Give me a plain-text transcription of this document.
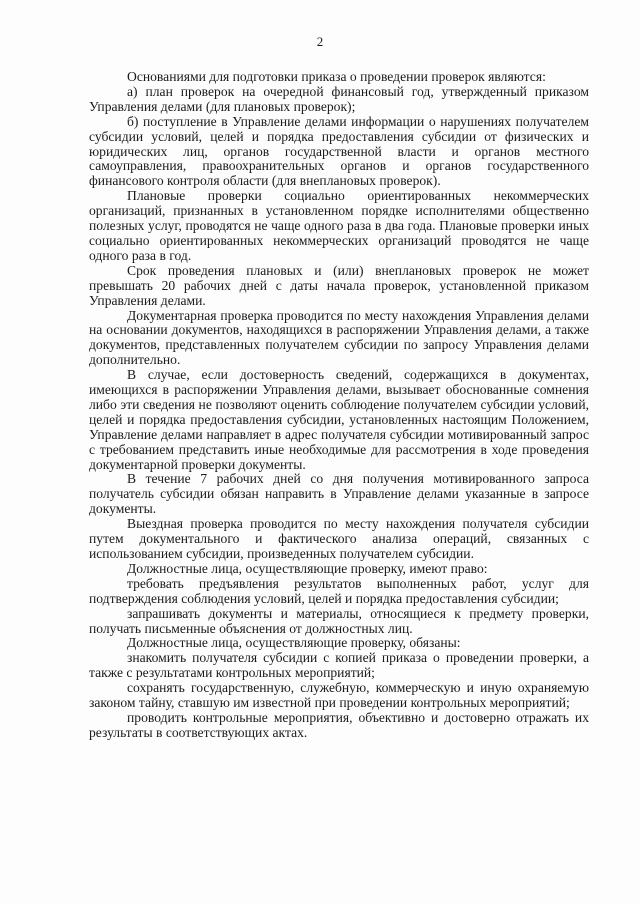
2

Основаниями для подготовки приказа о проведении проверок являются:

а) план проверок на очередной финансовый год, утвержденный приказом Управления делами (для плановых проверок);

б) поступление в Управление делами информации о нарушениях получателем субсидии условий, целей и порядка предоставления субсидии от физических и юридических лиц, органов государственной власти и органов местного самоуправления, правоохранительных органов и органов государственного финансового контроля области (для внеплановых проверок).

Плановые проверки социально ориентированных некоммерческих организаций, признанных в установленном порядке исполнителями общественно полезных услуг, проводятся не чаще одного раза в два года. Плановые проверки иных социально ориентированных некоммерческих организаций проводятся не чаще одного раза в год.

Срок проведения плановых и (или) внеплановых проверок не может превышать 20 рабочих дней с даты начала проверок, установленной приказом Управления делами.

Документарная проверка проводится по месту нахождения Управления делами на основании документов, находящихся в распоряжении Управления делами, а также документов, представленных получателем субсидии по запросу Управления делами дополнительно.

В случае, если достоверность сведений, содержащихся в документах, имеющихся в распоряжении Управления делами, вызывает обоснованные сомнения либо эти сведения не позволяют оценить соблюдение получателем субсидии условий, целей и порядка предоставления субсидии, установленных настоящим Положением, Управление делами направляет в адрес получателя субсидии мотивированный запрос с требованием представить иные необходимые для рассмотрения в ходе проведения документарной проверки документы.

В течение 7 рабочих дней со дня получения мотивированного запроса получатель субсидии обязан направить в Управление делами указанные в запросе документы.

Выездная проверка проводится по месту нахождения получателя субсидии путем документального и фактического анализа операций, связанных с использованием субсидии, произведенных получателем субсидии.

Должностные лица, осуществляющие проверку, имеют право:

требовать предъявления результатов выполненных работ, услуг для подтверждения соблюдения условий, целей и порядка предоставления субсидии;

запрашивать документы и материалы, относящиеся к предмету проверки, получать письменные объяснения от должностных лиц.

Должностные лица, осуществляющие проверку, обязаны:

знакомить получателя субсидии с копией приказа о проведении проверки, а также с результатами контрольных мероприятий;

сохранять государственную, служебную, коммерческую и иную охраняемую законом тайну, ставшую им известной при проведении контрольных мероприятий;

проводить контрольные мероприятия, объективно и достоверно отражать их результаты в соответствующих актах.
